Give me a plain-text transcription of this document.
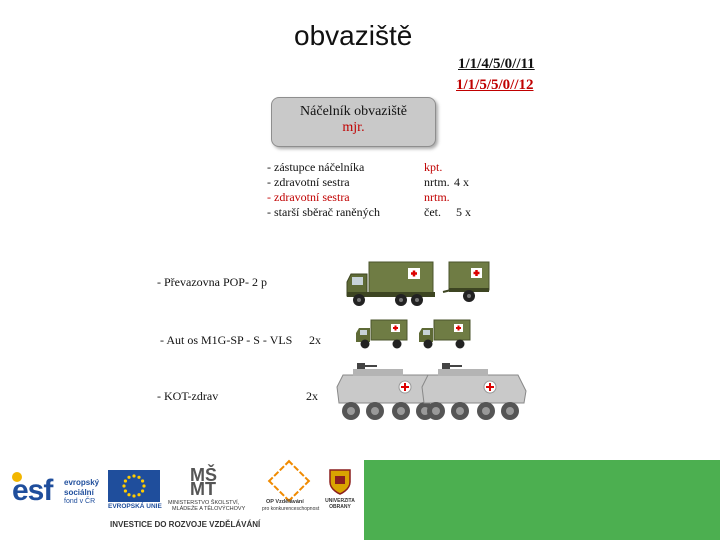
obvaziště
1/1/4/5/0//11
1/1/5/5/0//12
Náčelník obvaziště
mjr.
- zástupce náčelníka
- zdravotní sestra
- zdravotní sestra
- starší sběrač raněných
kpt.
nrtm. 4 x
nrtm.
čet. 5 x
- Převazovna POP- 2 p
- Aut os M1G-SP - S - VLS 2x
- KOT-zdrav	2x
esf evropský
sociální
fond v ČR
EVROPSKÁ UNIE
MŠ MT
MINISTERSTVO ŠKOLSTVÍ,
MLÁDEŽE A TĚLOVÝCHOVY
OP Vzdělávání
pro konkurenceschopnost
UNIVERZITA OBRANY
INVESTICE DO ROZVOJE VZDĚLÁVÁNÍ
